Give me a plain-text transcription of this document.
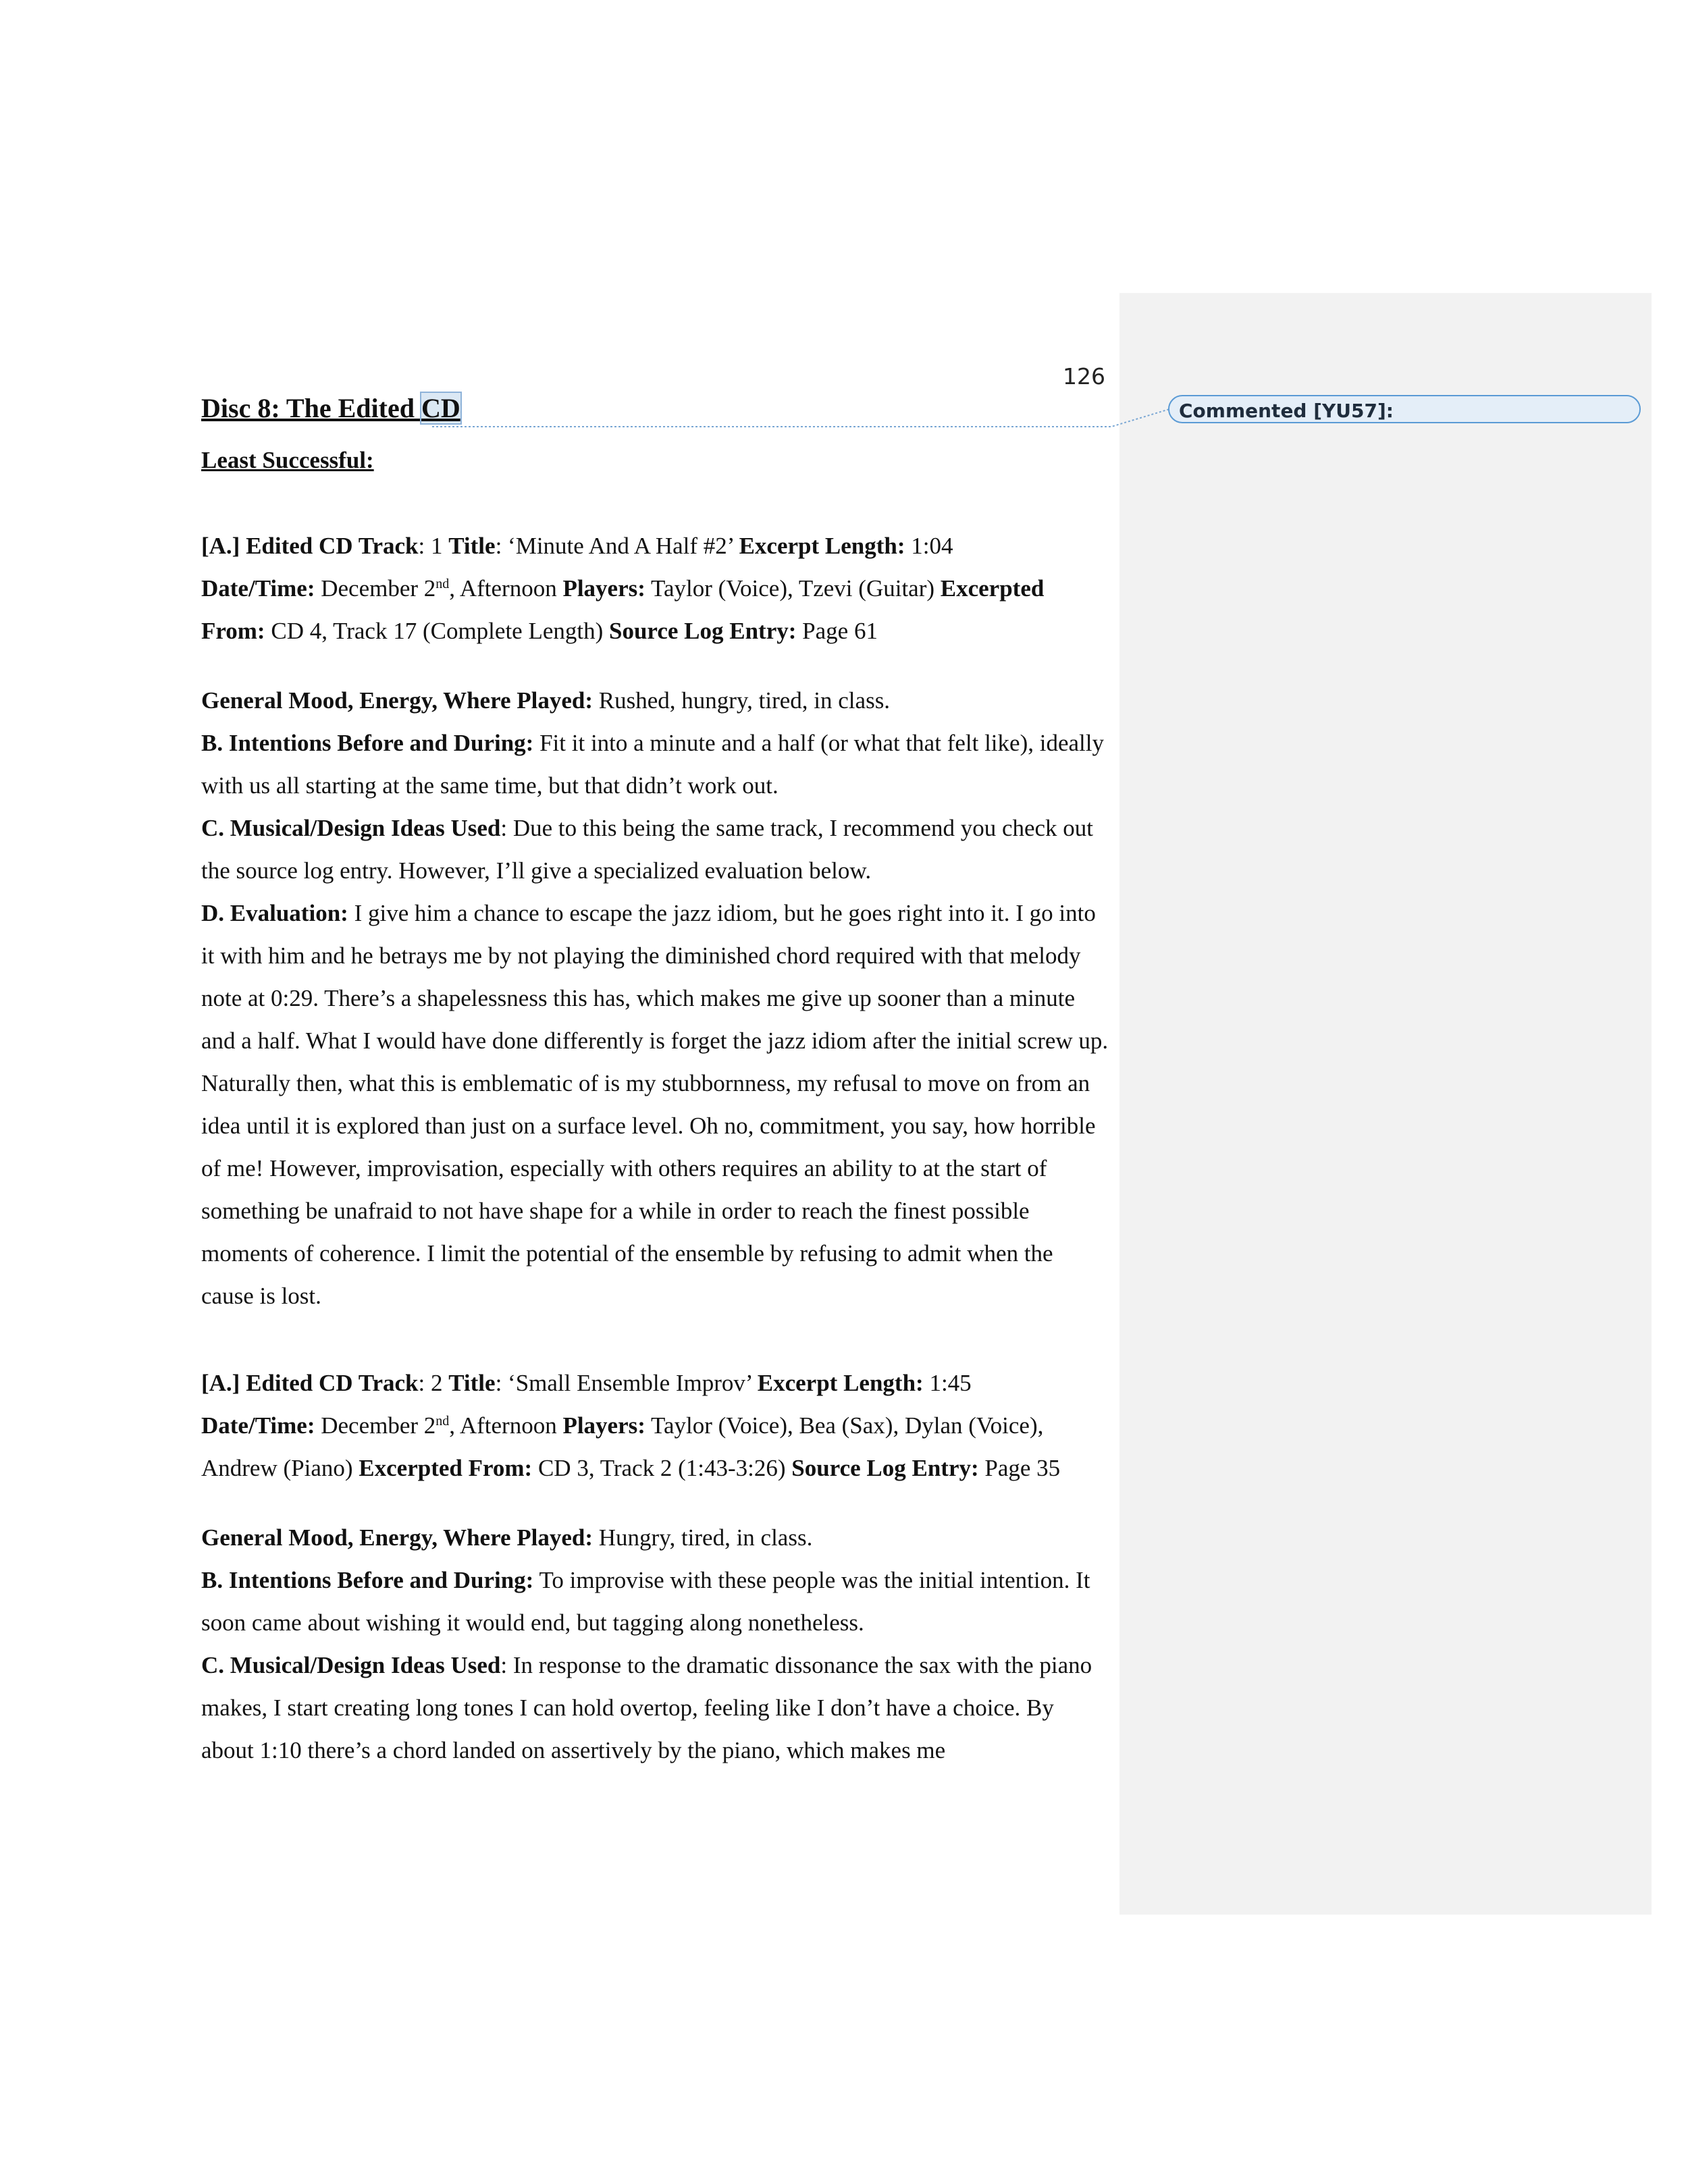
126
Commented [YU57]:

Disc 8: The Edited CD

Least Successful:

[A.] Edited CD Track: 1 Title: ‘Minute And A Half #2’ Excerpt Length: 1:04

Date/Time: December 2nd, Afternoon Players: Taylor (Voice), Tzevi (Guitar) Excerpted

From: CD 4, Track 17 (Complete Length) Source Log Entry: Page 61

General Mood, Energy, Where Played: Rushed, hungry, tired, in class.

B. Intentions Before and During: Fit it into a minute and a half (or what that felt like), ideally with us all starting at the same time, but that didn’t work out.

C. Musical/Design Ideas Used: Due to this being the same track, I recommend you check out the source log entry. However, I’ll give a specialized evaluation below.

D. Evaluation: I give him a chance to escape the jazz idiom, but he goes right into it. I go into it with him and he betrays me by not playing the diminished chord required with that melody note at 0:29. There’s a shapelessness this has, which makes me give up sooner than a minute and a half. What I would have done differently is forget the jazz idiom after the initial screw up. Naturally then, what this is emblematic of is my stubbornness, my refusal to move on from an idea until it is explored than just on a surface level. Oh no, commitment, you say, how horrible of me! However, improvisation, especially with others requires an ability to at the start of something be unafraid to not have shape for a while in order to reach the finest possible moments of coherence. I limit the potential of the ensemble by refusing to admit when the cause is lost.

[A.] Edited CD Track: 2 Title: ‘Small Ensemble Improv’ Excerpt Length: 1:45

Date/Time: December 2nd, Afternoon Players: Taylor (Voice), Bea (Sax), Dylan (Voice),

Andrew (Piano) Excerpted From: CD 3, Track 2 (1:43-3:26) Source Log Entry: Page 35

General Mood, Energy, Where Played: Hungry, tired, in class.

B. Intentions Before and During: To improvise with these people was the initial intention. It soon came about wishing it would end, but tagging along nonetheless.

C. Musical/Design Ideas Used: In response to the dramatic dissonance the sax with the piano makes, I start creating long tones I can hold overtop, feeling like I don’t have a choice. By about 1:10 there’s a chord landed on assertively by the piano, which makes me
